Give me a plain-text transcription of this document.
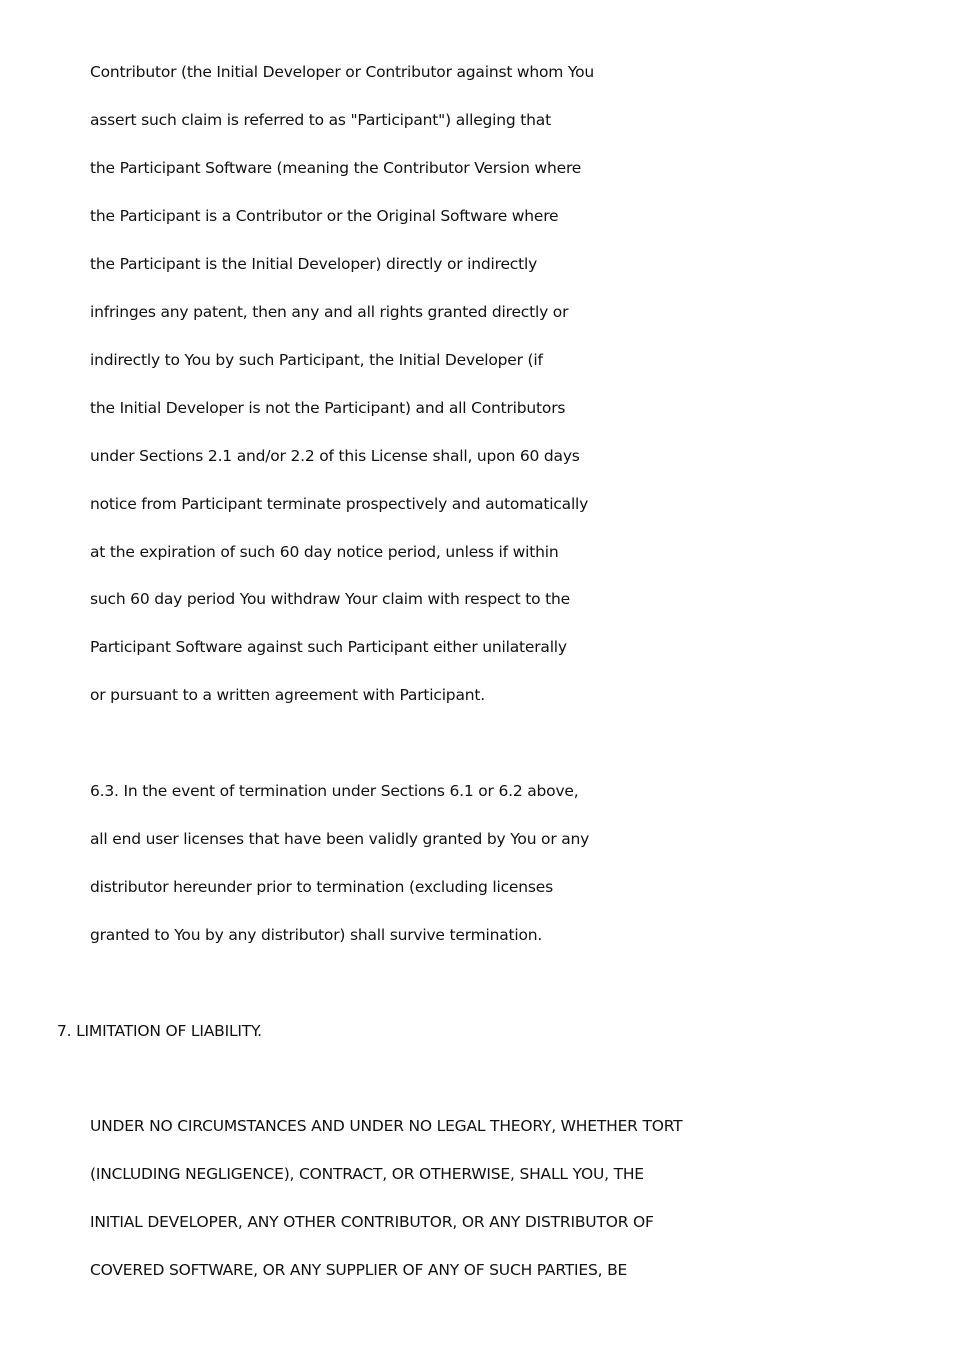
Contributor (the Initial Developer or Contributor against whom You
assert such claim is referred to as "Participant") alleging that
the Participant Software (meaning the Contributor Version where
the Participant is a Contributor or the Original Software where
the Participant is the Initial Developer) directly or indirectly
infringes any patent, then any and all rights granted directly or
indirectly to You by such Participant, the Initial Developer (if
the Initial Developer is not the Participant) and all Contributors
under Sections 2.1 and/or 2.2 of this License shall, upon 60 days
notice from Participant terminate prospectively and automatically
at the expiration of such 60 day notice period, unless if within
such 60 day period You withdraw Your claim with respect to the
Participant Software against such Participant either unilaterally
or pursuant to a written agreement with Participant.
6.3. In the event of termination under Sections 6.1 or 6.2 above,
all end user licenses that have been validly granted by You or any
distributor hereunder prior to termination (excluding licenses
granted to You by any distributor) shall survive termination.
7. LIMITATION OF LIABILITY.
UNDER NO CIRCUMSTANCES AND UNDER NO LEGAL THEORY, WHETHER TORT
(INCLUDING NEGLIGENCE), CONTRACT, OR OTHERWISE, SHALL YOU, THE
INITIAL DEVELOPER, ANY OTHER CONTRIBUTOR, OR ANY DISTRIBUTOR OF
COVERED SOFTWARE, OR ANY SUPPLIER OF ANY OF SUCH PARTIES, BE
